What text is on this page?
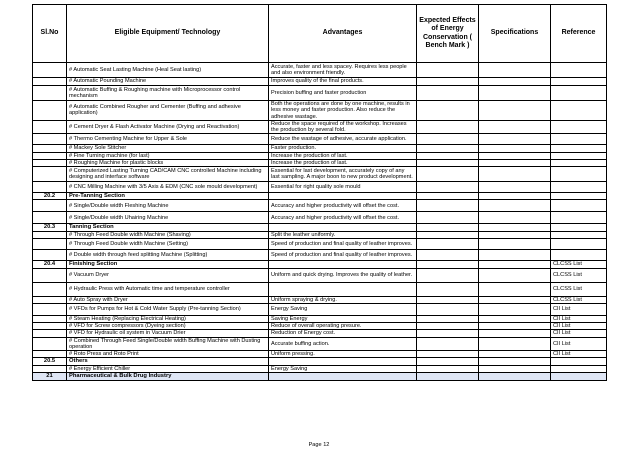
Sl.No	Eligible Equipment/ Technology	Advantages	Expected Effects of Energy Conservation ( Bench Mark )	Specifications	Reference
	# Automatic Seat Lasting Machine (Heal Seat lasting)	Accurate, faster and less spacey. Requires less people and also environment friendly.			
	# Automatic Pounding Machine	Improves quality of the final products.			
	# Automatic Buffing & Roughing machine with Microprocessor control mechanism	Precision buffing and faster production			
	# Automatic Combined Rougher and Cementer (Buffing and adhesive application)	Both the operations are done by one machine, results in less money and faster production. Also reduce the adhesive wastage.			
	# Cement Dryer & Flash Activator Machine (Drying and Reactivation)	Reduce the space required of the workshop. Increases the production by several fold.			
	# Thermo Cementing Machine for Upper & Sole	Reduce the wastage of adhesive, accurate application.			
	# Mackey Sole Stitcher	Faster production.			
	# Fine Turning machine (for last)	Increase the production of last.			
	# Roughing Machine for plastic blocks	Increase the production of last.			
	# Computerized Lasting Turning CAD/CAM CNC controlled Machine including designing and interface software	Essential for last development, accurately copy of any last sampling. A major boon to new product development.			
	# CNC Milling Machine with 3/5 Axis & EDM (CNC sole mould development)	Essential for right quality sole mould			
20.2	Pre-Tanning Section				
	# Single/Double width Fleshing Machine	Accuracy and higher productivity will offset the cost.			
	# Single/Double width Uhairing Machine	Accuracy and higher productivity will offset the cost.			
20.3	Tanning Section				
	# Through Feed Double width Machine (Shaving)	Split the leather uniformly.			
	# Through Feed Double width Machine (Setting)	Speed of production and final quality of leather improves.			
	# Double width through feed splitting Machine (Splitting)	Speed of production and final quality of leather improves.			
20.4	Finishing Section				CLCSS List
	# Vacuum Dryer	Uniform and quick drying. Improves the quality of leather.			CLCSS List
	# Hydraulic Press with Automatic time and temperature controller				CLCSS List
	# Auto Spray with Dryer	Uniform spraying & drying.			CLCSS List
	# VFDs for Pumps for Hot & Cold Water Supply (Pre-tanning Section)	Energy Saving			CII List
	# Steam Heating (Replacing Electrical Heating)	Saving Energy			CII List
	# VFD for Screw compressors (Dyeing section)	Reduce of overall operating presure.			CII List
	# VFD for Hydraulic oil system in Vacuum Drier	Reduction of Energy cost.			CII List
	# Combined Through Feed Single/Double width Buffing Machine with Dusting operation	Accurate buffing action.			CII List
	# Roto Press and Roto Print	Uniform pressing.			CII List
20.5	Others				
	# Energy Efficient Chiller	Energy Saving			
21	Pharmaceutical & Bulk Drug Industry				
Page 12
